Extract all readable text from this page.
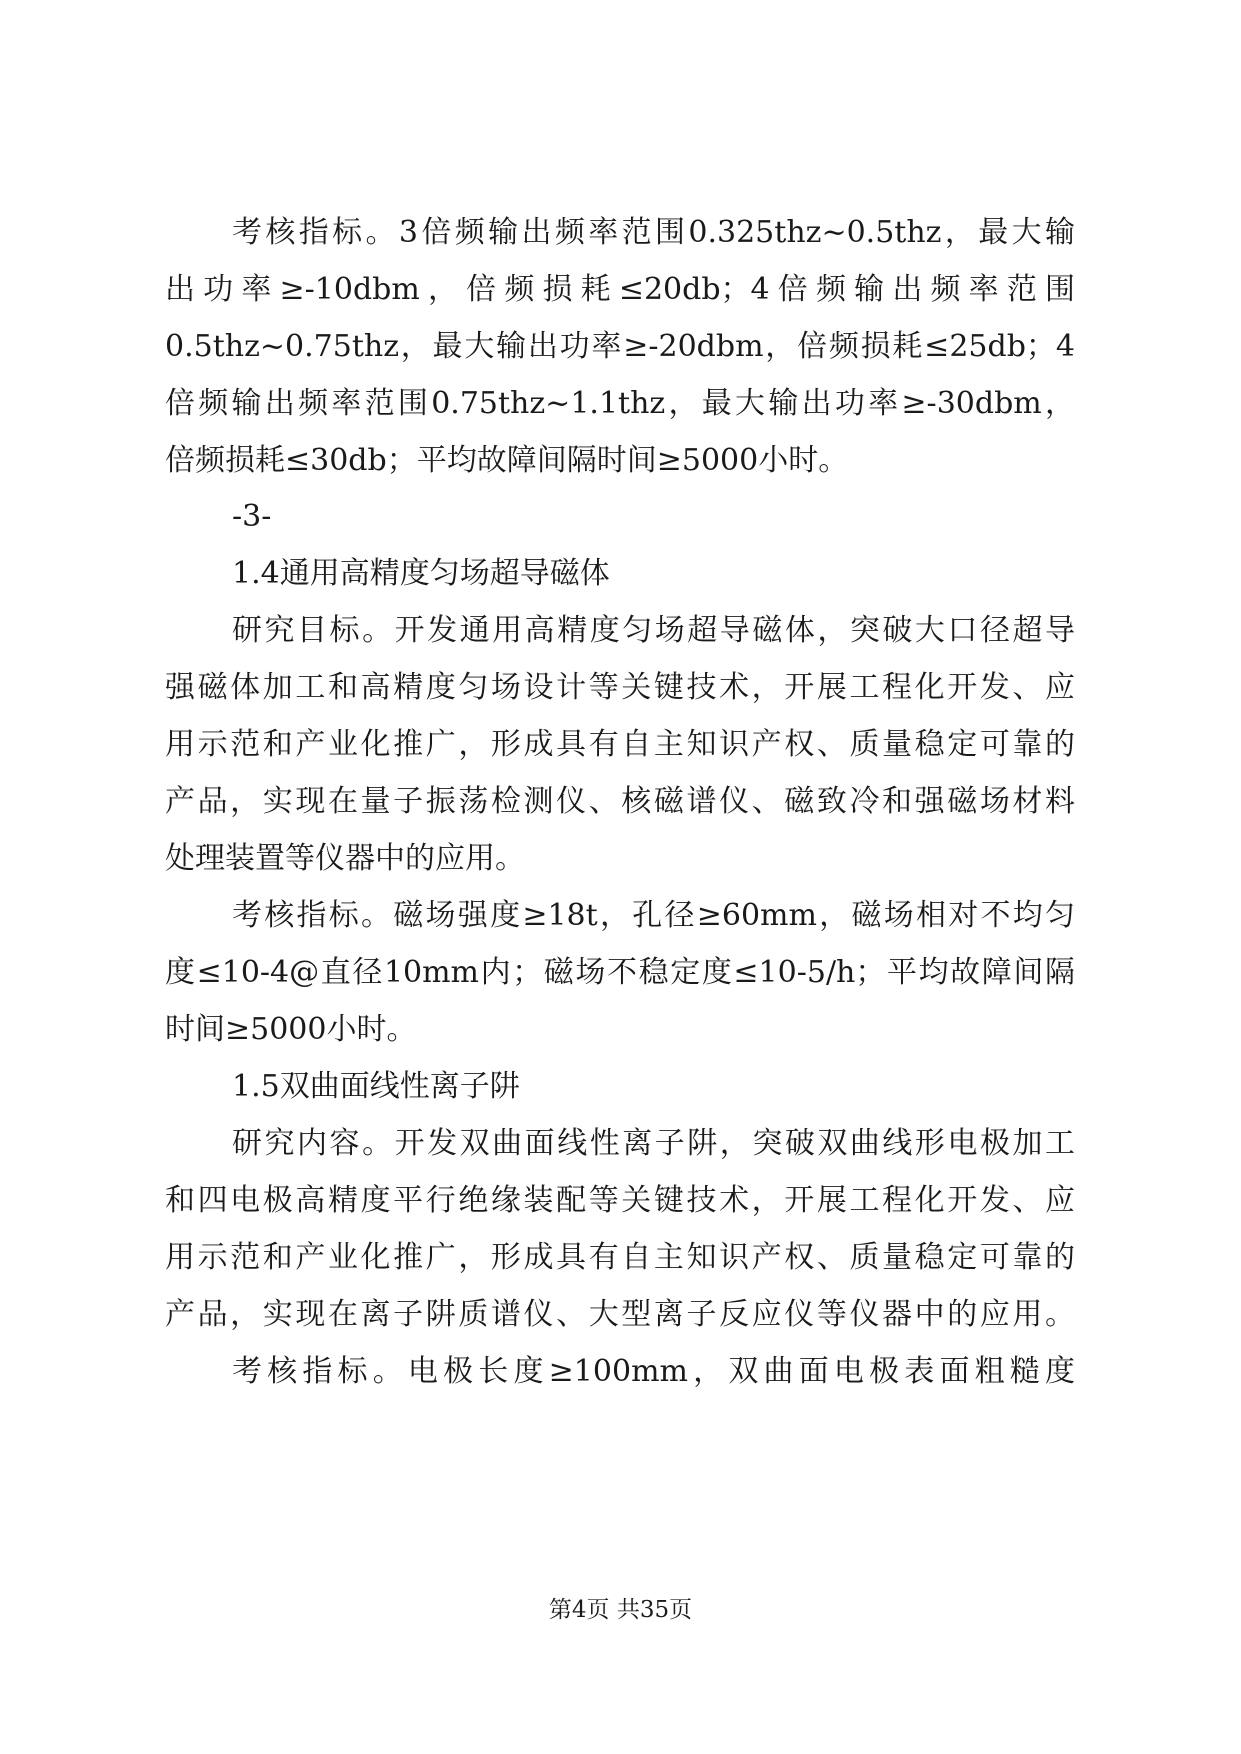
考核指标。3倍频输出频率范围0.325thz~0.5thz，最大输
出功率≥-10dbm，倍频损耗≤20db；4倍频输出频率范围
0.5thz~0.75thz，最大输出功率≥-20dbm，倍频损耗≤25db；4
倍频输出频率范围0.75thz~1.1thz，最大输出功率≥-30dbm，
倍频损耗≤30db；平均故障间隔时间≥5000小时。
-3-
1.4通用高精度匀场超导磁体
研究目标。开发通用高精度匀场超导磁体，突破大口径超导
强磁体加工和高精度匀场设计等关键技术，开展工程化开发、应
用示范和产业化推广，形成具有自主知识产权、质量稳定可靠的
产品，实现在量子振荡检测仪、核磁谱仪、磁致冷和强磁场材料
处理装置等仪器中的应用。
考核指标。磁场强度≥18t，孔径≥60mm，磁场相对不均匀
度≤10-4@直径10mm内；磁场不稳定度≤10-5/h；平均故障间隔
时间≥5000小时。
1.5双曲面线性离子阱
研究内容。开发双曲面线性离子阱，突破双曲线形电极加工
和四电极高精度平行绝缘装配等关键技术，开展工程化开发、应
用示范和产业化推广，形成具有自主知识产权、质量稳定可靠的
产品，实现在离子阱质谱仪、大型离子反应仪等仪器中的应用。
考核指标。电极长度≥100mm，双曲面电极表面粗糙度
第4页 共35页
